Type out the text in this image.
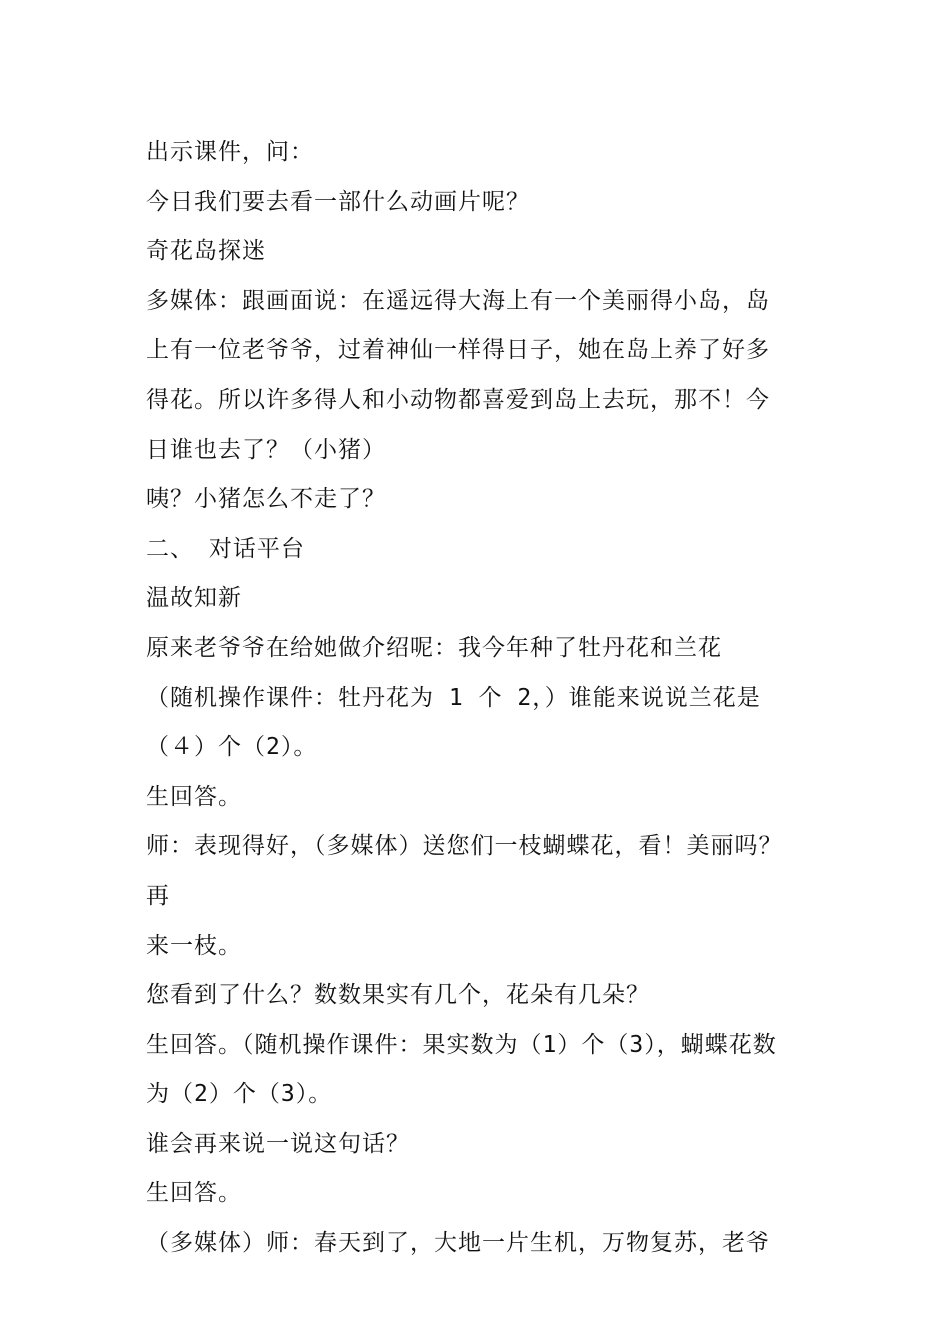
出示课件，问：

今日我们要去看一部什么动画片呢？

奇花岛探迷

多媒体：跟画面说：在遥远得大海上有一个美丽得小岛，岛

上有一位老爷爷，过着神仙一样得日子，她在岛上养了好多

得花。所以许多得人和小动物都喜爱到岛上去玩，那不！今

日谁也去了？（小猪）

咦？小猪怎么不走了？

二、 对话平台

温故知新

原来老爷爷在给她做介绍呢：我今年种了牡丹花和兰花

（随机操作课件：牡丹花为 1 个 2，）谁能来说说兰花是

（４）个（2）。

生回答。

师：表现得好，（多媒体）送您们一枝蝴蝶花，看！美丽吗？再

来一枝。

您看到了什么？数数果实有几个，花朵有几朵？

生回答。（随机操作课件：果实数为（1）个（3），蝴蝶花数

为（2）个（3）。

谁会再来说一说这句话？

生回答。

（多媒体）师：春天到了，大地一片生机，万物复苏，老爷
